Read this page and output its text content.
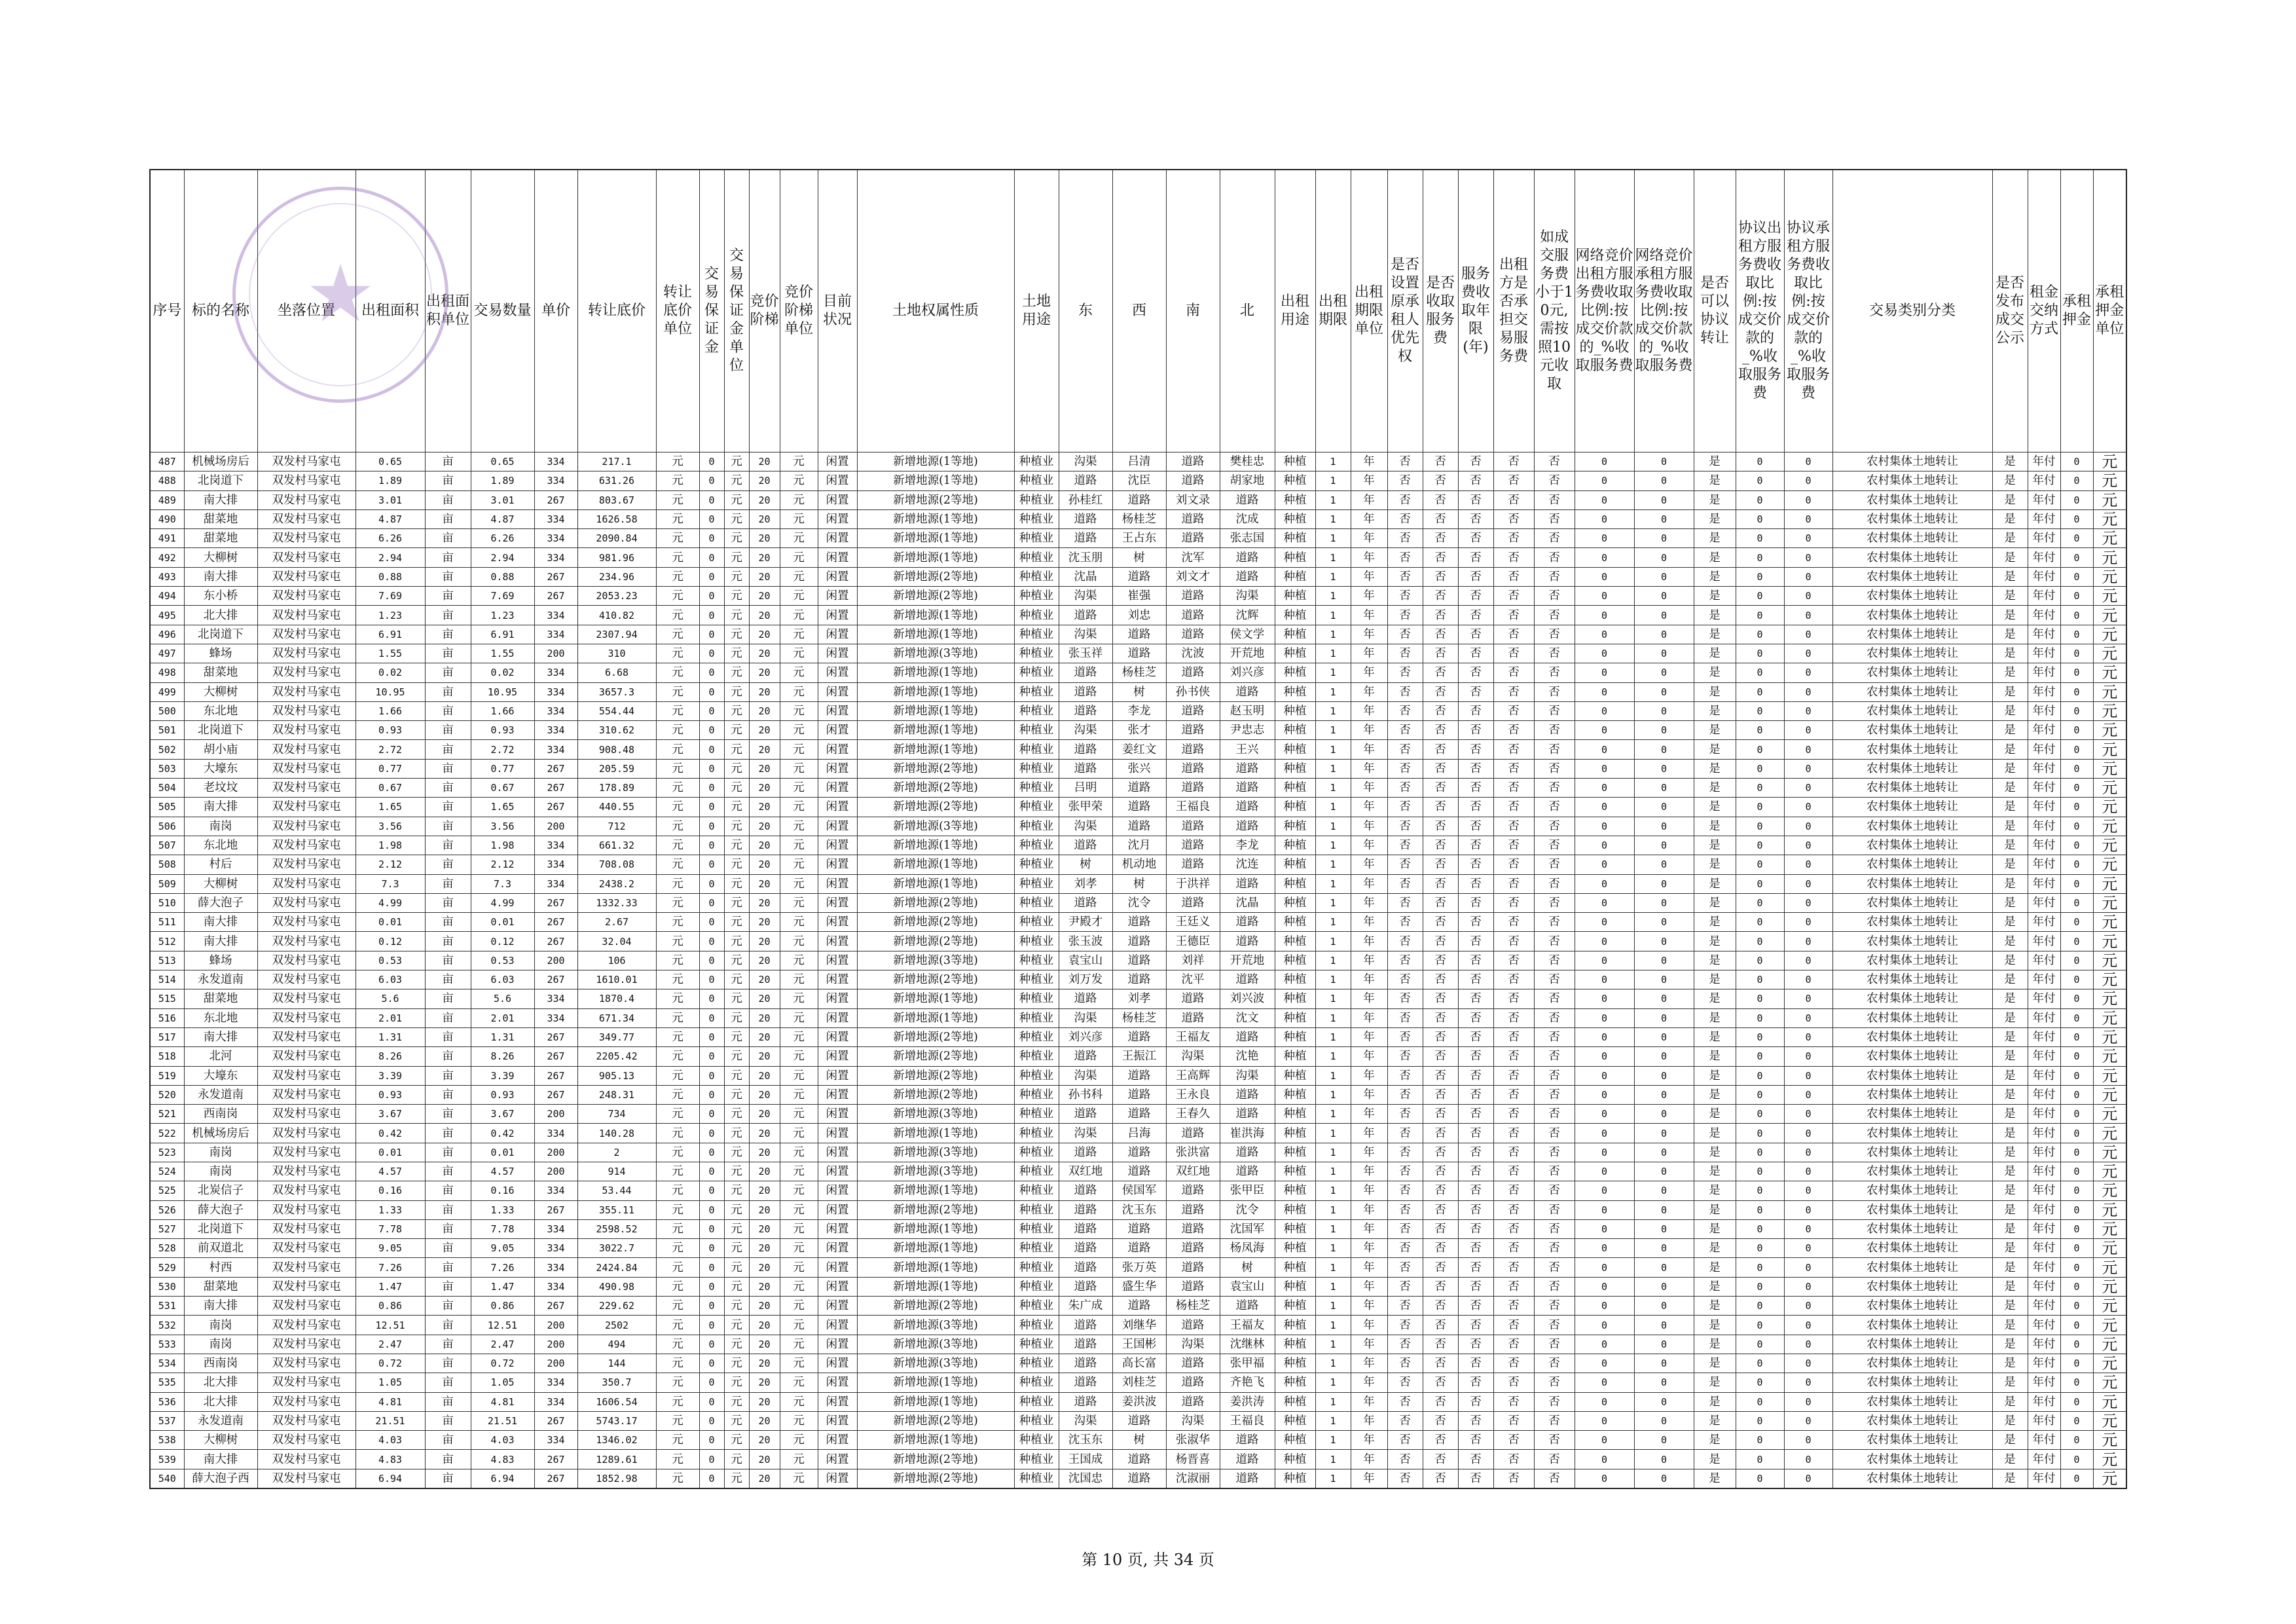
序号	标的名称	坐落位置	出租面积	出租面积单位	交易数量	单价	转让底价	转让底价单位	交易保证金	交易保证金单位	竞价阶梯	竞价阶梯单位	目前状况	土地权属性质	土地用途	东	西	南	北	出租用途	出租期限	出租期限单位	是否设置原承租人优先权	是否收取服务费	服务费收取年限(年)	出租方是否承担交易服务费	如成交服务费小于10元,需按照10元收取	网络竞价出租方服务费收取比例:按成交价款的_%收取服务费	网络竞价承租方服务费收取比例:按成交价款的_%收取服务费	是否可以协议转让	协议出租方服务费收取比例:按成交价款的_%收取服务费	协议承租方服务费收取比例:按成交价款的_%收取服务费	交易类别分类	是否发布成交公示	租金交纳方式	承租押金	承租押金单位
487	机械场房后	双发村马家屯	0.65	亩	0.65	334	217.1	元	0	元	20	元	闲置	新增地源(1等地)	种植业	沟渠	吕清	道路	樊桂忠	种植	1	年	否	否	否	否	否	0	0	是	0	0	农村集体土地转让	是	年付	0	元
488	北岗道下	双发村马家屯	1.89	亩	1.89	334	631.26	元	0	元	20	元	闲置	新增地源(1等地)	种植业	道路	沈臣	道路	胡家地	种植	1	年	否	否	否	否	否	0	0	是	0	0	农村集体土地转让	是	年付	0	元
489	南大排	双发村马家屯	3.01	亩	3.01	267	803.67	元	0	元	20	元	闲置	新增地源(2等地)	种植业	孙桂红	道路	刘文录	道路	种植	1	年	否	否	否	否	否	0	0	是	0	0	农村集体土地转让	是	年付	0	元
490	甜菜地	双发村马家屯	4.87	亩	4.87	334	1626.58	元	0	元	20	元	闲置	新增地源(1等地)	种植业	道路	杨桂芝	道路	沈成	种植	1	年	否	否	否	否	否	0	0	是	0	0	农村集体土地转让	是	年付	0	元
491	甜菜地	双发村马家屯	6.26	亩	6.26	334	2090.84	元	0	元	20	元	闲置	新增地源(1等地)	种植业	道路	王占东	道路	张志国	种植	1	年	否	否	否	否	否	0	0	是	0	0	农村集体土地转让	是	年付	0	元
492	大柳树	双发村马家屯	2.94	亩	2.94	334	981.96	元	0	元	20	元	闲置	新增地源(1等地)	种植业	沈玉朋	树	沈军	道路	种植	1	年	否	否	否	否	否	0	0	是	0	0	农村集体土地转让	是	年付	0	元
493	南大排	双发村马家屯	0.88	亩	0.88	267	234.96	元	0	元	20	元	闲置	新增地源(2等地)	种植业	沈晶	道路	刘文才	道路	种植	1	年	否	否	否	否	否	0	0	是	0	0	农村集体土地转让	是	年付	0	元
494	东小桥	双发村马家屯	7.69	亩	7.69	267	2053.23	元	0	元	20	元	闲置	新增地源(2等地)	种植业	沟渠	崔强	道路	沟渠	种植	1	年	否	否	否	否	否	0	0	是	0	0	农村集体土地转让	是	年付	0	元
495	北大排	双发村马家屯	1.23	亩	1.23	334	410.82	元	0	元	20	元	闲置	新增地源(1等地)	种植业	道路	刘忠	道路	沈辉	种植	1	年	否	否	否	否	否	0	0	是	0	0	农村集体土地转让	是	年付	0	元
496	北岗道下	双发村马家屯	6.91	亩	6.91	334	2307.94	元	0	元	20	元	闲置	新增地源(1等地)	种植业	沟渠	道路	道路	侯文学	种植	1	年	否	否	否	否	否	0	0	是	0	0	农村集体土地转让	是	年付	0	元
497	蜂场	双发村马家屯	1.55	亩	1.55	200	310	元	0	元	20	元	闲置	新增地源(3等地)	种植业	张玉祥	道路	沈波	开荒地	种植	1	年	否	否	否	否	否	0	0	是	0	0	农村集体土地转让	是	年付	0	元
498	甜菜地	双发村马家屯	0.02	亩	0.02	334	6.68	元	0	元	20	元	闲置	新增地源(1等地)	种植业	道路	杨桂芝	道路	刘兴彦	种植	1	年	否	否	否	否	否	0	0	是	0	0	农村集体土地转让	是	年付	0	元
499	大柳树	双发村马家屯	10.95	亩	10.95	334	3657.3	元	0	元	20	元	闲置	新增地源(1等地)	种植业	道路	树	孙书侠	道路	种植	1	年	否	否	否	否	否	0	0	是	0	0	农村集体土地转让	是	年付	0	元
500	东北地	双发村马家屯	1.66	亩	1.66	334	554.44	元	0	元	20	元	闲置	新增地源(1等地)	种植业	道路	李龙	道路	赵玉明	种植	1	年	否	否	否	否	否	0	0	是	0	0	农村集体土地转让	是	年付	0	元
501	北岗道下	双发村马家屯	0.93	亩	0.93	334	310.62	元	0	元	20	元	闲置	新增地源(1等地)	种植业	沟渠	张才	道路	尹忠志	种植	1	年	否	否	否	否	否	0	0	是	0	0	农村集体土地转让	是	年付	0	元
502	胡小庙	双发村马家屯	2.72	亩	2.72	334	908.48	元	0	元	20	元	闲置	新增地源(1等地)	种植业	道路	姜红文	道路	王兴	种植	1	年	否	否	否	否	否	0	0	是	0	0	农村集体土地转让	是	年付	0	元
503	大壕东	双发村马家屯	0.77	亩	0.77	267	205.59	元	0	元	20	元	闲置	新增地源(2等地)	种植业	道路	张兴	道路	道路	种植	1	年	否	否	否	否	否	0	0	是	0	0	农村集体土地转让	是	年付	0	元
504	老坟坟	双发村马家屯	0.67	亩	0.67	267	178.89	元	0	元	20	元	闲置	新增地源(2等地)	种植业	吕明	道路	道路	道路	种植	1	年	否	否	否	否	否	0	0	是	0	0	农村集体土地转让	是	年付	0	元
505	南大排	双发村马家屯	1.65	亩	1.65	267	440.55	元	0	元	20	元	闲置	新增地源(2等地)	种植业	张甲荣	道路	王福良	道路	种植	1	年	否	否	否	否	否	0	0	是	0	0	农村集体土地转让	是	年付	0	元
506	南岗	双发村马家屯	3.56	亩	3.56	200	712	元	0	元	20	元	闲置	新增地源(3等地)	种植业	沟渠	道路	道路	道路	种植	1	年	否	否	否	否	否	0	0	是	0	0	农村集体土地转让	是	年付	0	元
507	东北地	双发村马家屯	1.98	亩	1.98	334	661.32	元	0	元	20	元	闲置	新增地源(1等地)	种植业	道路	沈月	道路	李龙	种植	1	年	否	否	否	否	否	0	0	是	0	0	农村集体土地转让	是	年付	0	元
508	村后	双发村马家屯	2.12	亩	2.12	334	708.08	元	0	元	20	元	闲置	新增地源(1等地)	种植业	树	机动地	道路	沈连	种植	1	年	否	否	否	否	否	0	0	是	0	0	农村集体土地转让	是	年付	0	元
509	大柳树	双发村马家屯	7.3	亩	7.3	334	2438.2	元	0	元	20	元	闲置	新增地源(1等地)	种植业	刘孝	树	于洪祥	道路	种植	1	年	否	否	否	否	否	0	0	是	0	0	农村集体土地转让	是	年付	0	元
510	薛大泡子	双发村马家屯	4.99	亩	4.99	267	1332.33	元	0	元	20	元	闲置	新增地源(2等地)	种植业	道路	沈令	道路	沈晶	种植	1	年	否	否	否	否	否	0	0	是	0	0	农村集体土地转让	是	年付	0	元
511	南大排	双发村马家屯	0.01	亩	0.01	267	2.67	元	0	元	20	元	闲置	新增地源(2等地)	种植业	尹殿才	道路	王廷义	道路	种植	1	年	否	否	否	否	否	0	0	是	0	0	农村集体土地转让	是	年付	0	元
512	南大排	双发村马家屯	0.12	亩	0.12	267	32.04	元	0	元	20	元	闲置	新增地源(2等地)	种植业	张玉波	道路	王德臣	道路	种植	1	年	否	否	否	否	否	0	0	是	0	0	农村集体土地转让	是	年付	0	元
513	蜂场	双发村马家屯	0.53	亩	0.53	200	106	元	0	元	20	元	闲置	新增地源(3等地)	种植业	袁宝山	道路	刘祥	开荒地	种植	1	年	否	否	否	否	否	0	0	是	0	0	农村集体土地转让	是	年付	0	元
514	永发道南	双发村马家屯	6.03	亩	6.03	267	1610.01	元	0	元	20	元	闲置	新增地源(2等地)	种植业	刘万发	道路	沈平	道路	种植	1	年	否	否	否	否	否	0	0	是	0	0	农村集体土地转让	是	年付	0	元
515	甜菜地	双发村马家屯	5.6	亩	5.6	334	1870.4	元	0	元	20	元	闲置	新增地源(1等地)	种植业	道路	刘孝	道路	刘兴波	种植	1	年	否	否	否	否	否	0	0	是	0	0	农村集体土地转让	是	年付	0	元
516	东北地	双发村马家屯	2.01	亩	2.01	334	671.34	元	0	元	20	元	闲置	新增地源(1等地)	种植业	沟渠	杨桂芝	道路	沈文	种植	1	年	否	否	否	否	否	0	0	是	0	0	农村集体土地转让	是	年付	0	元
517	南大排	双发村马家屯	1.31	亩	1.31	267	349.77	元	0	元	20	元	闲置	新增地源(2等地)	种植业	刘兴彦	道路	王福友	道路	种植	1	年	否	否	否	否	否	0	0	是	0	0	农村集体土地转让	是	年付	0	元
518	北河	双发村马家屯	8.26	亩	8.26	267	2205.42	元	0	元	20	元	闲置	新增地源(2等地)	种植业	道路	王振江	沟渠	沈艳	种植	1	年	否	否	否	否	否	0	0	是	0	0	农村集体土地转让	是	年付	0	元
519	大壕东	双发村马家屯	3.39	亩	3.39	267	905.13	元	0	元	20	元	闲置	新增地源(2等地)	种植业	沟渠	道路	王高辉	沟渠	种植	1	年	否	否	否	否	否	0	0	是	0	0	农村集体土地转让	是	年付	0	元
520	永发道南	双发村马家屯	0.93	亩	0.93	267	248.31	元	0	元	20	元	闲置	新增地源(2等地)	种植业	孙书科	道路	王永良	道路	种植	1	年	否	否	否	否	否	0	0	是	0	0	农村集体土地转让	是	年付	0	元
521	西南岗	双发村马家屯	3.67	亩	3.67	200	734	元	0	元	20	元	闲置	新增地源(3等地)	种植业	道路	道路	王春久	道路	种植	1	年	否	否	否	否	否	0	0	是	0	0	农村集体土地转让	是	年付	0	元
522	机械场房后	双发村马家屯	0.42	亩	0.42	334	140.28	元	0	元	20	元	闲置	新增地源(1等地)	种植业	沟渠	吕海	道路	崔洪海	种植	1	年	否	否	否	否	否	0	0	是	0	0	农村集体土地转让	是	年付	0	元
523	南岗	双发村马家屯	0.01	亩	0.01	200	2	元	0	元	20	元	闲置	新增地源(3等地)	种植业	道路	道路	张洪富	道路	种植	1	年	否	否	否	否	否	0	0	是	0	0	农村集体土地转让	是	年付	0	元
524	南岗	双发村马家屯	4.57	亩	4.57	200	914	元	0	元	20	元	闲置	新增地源(3等地)	种植业	双红地	道路	双红地	道路	种植	1	年	否	否	否	否	否	0	0	是	0	0	农村集体土地转让	是	年付	0	元
525	北炭信子	双发村马家屯	0.16	亩	0.16	334	53.44	元	0	元	20	元	闲置	新增地源(1等地)	种植业	道路	侯国军	道路	张甲臣	种植	1	年	否	否	否	否	否	0	0	是	0	0	农村集体土地转让	是	年付	0	元
526	薛大泡子	双发村马家屯	1.33	亩	1.33	267	355.11	元	0	元	20	元	闲置	新增地源(2等地)	种植业	道路	沈玉东	道路	沈令	种植	1	年	否	否	否	否	否	0	0	是	0	0	农村集体土地转让	是	年付	0	元
527	北岗道下	双发村马家屯	7.78	亩	7.78	334	2598.52	元	0	元	20	元	闲置	新增地源(1等地)	种植业	道路	道路	道路	沈国军	种植	1	年	否	否	否	否	否	0	0	是	0	0	农村集体土地转让	是	年付	0	元
528	前双道北	双发村马家屯	9.05	亩	9.05	334	3022.7	元	0	元	20	元	闲置	新增地源(1等地)	种植业	道路	道路	道路	杨凤海	种植	1	年	否	否	否	否	否	0	0	是	0	0	农村集体土地转让	是	年付	0	元
529	村西	双发村马家屯	7.26	亩	7.26	334	2424.84	元	0	元	20	元	闲置	新增地源(1等地)	种植业	道路	张万英	道路	树	种植	1	年	否	否	否	否	否	0	0	是	0	0	农村集体土地转让	是	年付	0	元
530	甜菜地	双发村马家屯	1.47	亩	1.47	334	490.98	元	0	元	20	元	闲置	新增地源(1等地)	种植业	道路	盛生华	道路	袁宝山	种植	1	年	否	否	否	否	否	0	0	是	0	0	农村集体土地转让	是	年付	0	元
531	南大排	双发村马家屯	0.86	亩	0.86	267	229.62	元	0	元	20	元	闲置	新增地源(2等地)	种植业	朱广成	道路	杨桂芝	道路	种植	1	年	否	否	否	否	否	0	0	是	0	0	农村集体土地转让	是	年付	0	元
532	南岗	双发村马家屯	12.51	亩	12.51	200	2502	元	0	元	20	元	闲置	新增地源(3等地)	种植业	道路	刘继华	道路	王福友	种植	1	年	否	否	否	否	否	0	0	是	0	0	农村集体土地转让	是	年付	0	元
533	南岗	双发村马家屯	2.47	亩	2.47	200	494	元	0	元	20	元	闲置	新增地源(3等地)	种植业	道路	王国彬	沟渠	沈继林	种植	1	年	否	否	否	否	否	0	0	是	0	0	农村集体土地转让	是	年付	0	元
534	西南岗	双发村马家屯	0.72	亩	0.72	200	144	元	0	元	20	元	闲置	新增地源(3等地)	种植业	道路	高长富	道路	张甲福	种植	1	年	否	否	否	否	否	0	0	是	0	0	农村集体土地转让	是	年付	0	元
535	北大排	双发村马家屯	1.05	亩	1.05	334	350.7	元	0	元	20	元	闲置	新增地源(1等地)	种植业	道路	刘桂芝	道路	齐艳飞	种植	1	年	否	否	否	否	否	0	0	是	0	0	农村集体土地转让	是	年付	0	元
536	北大排	双发村马家屯	4.81	亩	4.81	334	1606.54	元	0	元	20	元	闲置	新增地源(1等地)	种植业	道路	姜洪波	道路	姜洪涛	种植	1	年	否	否	否	否	否	0	0	是	0	0	农村集体土地转让	是	年付	0	元
537	永发道南	双发村马家屯	21.51	亩	21.51	267	5743.17	元	0	元	20	元	闲置	新增地源(2等地)	种植业	沟渠	道路	沟渠	王福良	种植	1	年	否	否	否	否	否	0	0	是	0	0	农村集体土地转让	是	年付	0	元
538	大柳树	双发村马家屯	4.03	亩	4.03	334	1346.02	元	0	元	20	元	闲置	新增地源(1等地)	种植业	沈玉东	树	张淑华	道路	种植	1	年	否	否	否	否	否	0	0	是	0	0	农村集体土地转让	是	年付	0	元
539	南大排	双发村马家屯	4.83	亩	4.83	267	1289.61	元	0	元	20	元	闲置	新增地源(2等地)	种植业	王国成	道路	杨晋喜	道路	种植	1	年	否	否	否	否	否	0	0	是	0	0	农村集体土地转让	是	年付	0	元
540	薛大泡子西	双发村马家屯	6.94	亩	6.94	267	1852.98	元	0	元	20	元	闲置	新增地源(2等地)	种植业	沈国忠	道路	沈淑丽	道路	种植	1	年	否	否	否	否	否	0	0	是	0	0	农村集体土地转让	是	年付	0	元
★
第 10 页, 共 34 页
